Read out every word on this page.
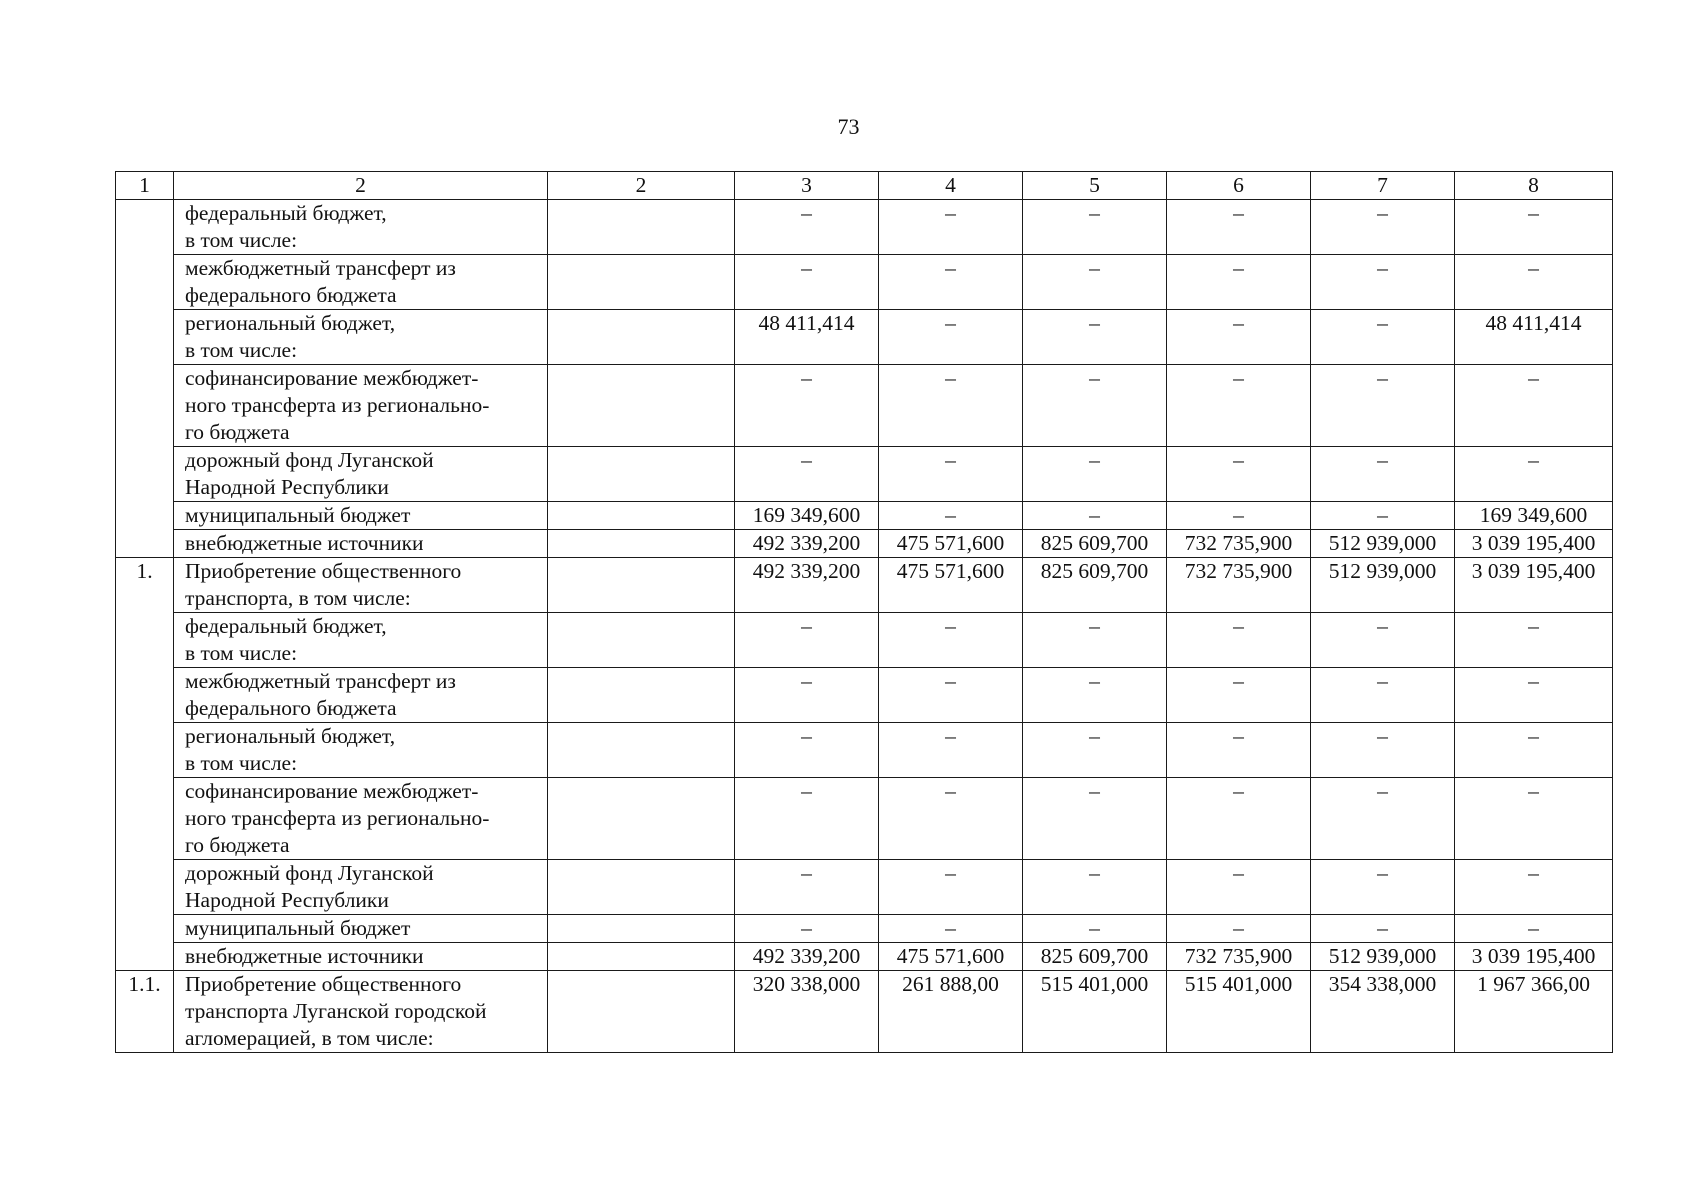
73
1	2	2	3	4	5	6	7	8

	федеральный бюджет,
в том числе:		–	–	–	–	–	–

	межбюджетный трансферт из
федерального бюджета		–	–	–	–	–	–

	региональный бюджет,
в том числе:		48 411,414	–	–	–	–	48 411,414

	софинансирование межбюджет-
ного трансферта из регионально-
го бюджета		–	–	–	–	–	–

	дорожный фонд Луганской
Народной Республики		–	–	–	–	–	–

	муниципальный бюджет		169 349,600	–	–	–	–	169 349,600

	внебюджетные источники		492 339,200	475 571,600	825 609,700	732 735,900	512 939,000	3 039 195,400
1.	Приобретение общественного
транспорта, в том числе:		492 339,200	475 571,600	825 609,700	732 735,900	512 939,000	3 039 195,400

	федеральный бюджет,
в том числе:		–	–	–	–	–	–

	межбюджетный трансферт из
федерального бюджета		–	–	–	–	–	–

	региональный бюджет,
в том числе:		–	–	–	–	–	–

	софинансирование межбюджет-
ного трансферта из регионально-
го бюджета		–	–	–	–	–	–

	дорожный фонд Луганской
Народной Республики		–	–	–	–	–	–

	муниципальный бюджет		–	–	–	–	–	–

	внебюджетные источники		492 339,200	475 571,600	825 609,700	732 735,900	512 939,000	3 039 195,400
1.1.	Приобретение общественного
транспорта Луганской городской
агломерацией, в том числе:		320 338,000	261 888,00	515 401,000	515 401,000	354 338,000	1 967 366,00
